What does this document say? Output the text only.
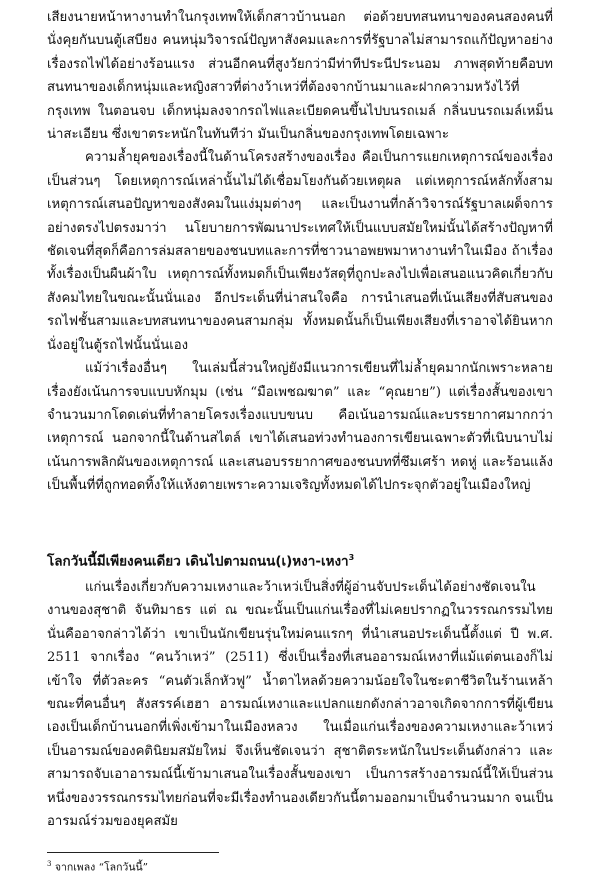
เสียงนายหน้าหางานทำในกรุงเทพให้เด็กสาวบ้านนอก ต่อด้วยบทสนทนาของคนสองคนที่นั่งคุยกันบนตู้เสบียง คนหนุ่มวิจารณ์ปัญหาสังคมและการที่รัฐบาลไม่สามารถแก้ปัญหาอย่างเรื่องรถไฟได้อย่างร้อนแรง ส่วนอีกคนที่สูงวัยกว่ามีท่าทีประนีประนอม ภาพสุดท้ายคือบทสนทนาของเด็กหนุ่มและหญิงสาวที่ต่างว้าเหว่ที่ต้องจากบ้านมาและฝากความหวังไว้ที่กรุงเทพ ในตอนจบ เด็กหนุ่มลงจากรถไฟและเบียดคนขึ้นไปบนรถเมล์ กลิ่นบนรถเมล์เหม็นน่าสะเอียน ซึ่งเขาตระหนักในทันทีว่า มันเป็นกลิ่นของกรุงเทพโดยเฉพาะ

ความล้ำยุคของเรื่องนี้ในด้านโครงสร้างของเรื่อง คือเป็นการแยกเหตุการณ์ของเรื่องเป็นส่วนๆ โดยเหตุการณ์เหล่านั้นไม่ได้เชื่อมโยงกันด้วยเหตุผล แต่เหตุการณ์หลักทั้งสามเหตุการณ์เสนอปัญหาของสังคมในแง่มุมต่างๆ และเป็นงานที่กล้าวิจารณ์รัฐบาลเผด็จการอย่างตรงไปตรงมาว่า นโยบายการพัฒนาประเทศให้เป็นแบบสมัยใหม่นั้นได้สร้างปัญหาที่ชัดเจนที่สุดก็คือการล่มสลายของชนบทและการที่ชาวนาอพยพมาหางานทำในเมือง ถ้าเรื่องทั้งเรื่องเป็นผืนผ้าใบ เหตุการณ์ทั้งหมดก็เป็นเพียงวัสดุที่ถูกปะลงไปเพื่อเสนอแนวคิดเกี่ยวกับสังคมไทยในขณะนั้นนั่นเอง อีกประเด็นที่น่าสนใจคือ การนำเสนอที่เน้นเสียงที่สับสนของรถไฟชั้นสามและบทสนทนาของคนสามกลุ่ม ทั้งหมดนั้นก็เป็นเพียงเสียงที่เราอาจได้ยินหากนั่งอยู่ในตู้รถไฟนั้นนั่นเอง

แม้ว่าเรื่องอื่นๆ ในเล่มนี้ส่วนใหญ่ยังมีแนวการเขียนที่ไม่ล้ำยุคมากนักเพราะหลายเรื่องยังเน้นการจบแบบหักมุม (เช่น “มือเพชฌฆาต” และ “คุณยาย”) แต่เรื่องสั้นของเขาจำนวนมากโดดเด่นที่ทำลายโครงเรื่องแบบขนบ คือเน้นอารมณ์และบรรยากาศมากกว่าเหตุการณ์ นอกจากนี้ในด้านสไตล์ เขาได้เสนอท่วงทำนองการเขียนเฉพาะตัวที่เนิบนาบไม่เน้นการพลิกผันของเหตุการณ์ และเสนอบรรยากาศของชนบทที่ซึมเศร้า หดหู่ และร้อนแล้ง เป็นพื้นที่ที่ถูกทอดทิ้งให้แห้งตายเพราะความเจริญทั้งหมดได้ไปกระจุกตัวอยู่ในเมืองใหญ่

โลกวันนี้มีเพียงคนเดียว เดินไปตามถนน(เ)หงา-เหงา$^3$

แก่นเรื่องเกี่ยวกับความเหงาและว้าเหว่เป็นสิ่งที่ผู้อ่านจับประเด็นได้อย่างชัดเจนในงานของสุชาติ จันทิมาธร แต่ ณ ขณะนั้นเป็นแก่นเรื่องที่ไม่เคยปรากฏในวรรณกรรมไทย นั่นคืออาจกล่าวได้ว่า เขาเป็นนักเขียนรุ่นใหม่คนแรกๆ ที่นำเสนอประเด็นนี้ตั้งแต่ ปี พ.ศ. 2511 จากเรื่อง “คนว้าเหว่” (2511) ซึ่งเป็นเรื่องที่เสนออารมณ์เหงาที่แม้แต่ตนเองก็ไม่เข้าใจ ที่ตัวละคร “คนตัวเล็กหัวฟู” น้ำตาไหลด้วยความน้อยใจในชะตาชีวิตในร้านเหล้า ขณะที่คนอื่นๆ สังสรรค์เฮฮา อารมณ์เหงาและแปลกแยกดังกล่าวอาจเกิดจากการที่ผู้เขียนเองเป็นเด็กบ้านนอกที่เพิ่งเข้ามาในเมืองหลวง ในเมื่อแก่นเรื่องของความเหงาและว้าเหว่เป็นอารมณ์ของคตินิยมสมัยใหม่ จึงเห็นชัดเจนว่า สุชาติตระหนักในประเด็นดังกล่าว และสามารถจับเอาอารมณ์นี้เข้ามาเสนอในเรื่องสั้นของเขา เป็นการสร้างอารมณ์นี้ให้เป็นส่วนหนึ่งของวรรณกรรมไทยก่อนที่จะมีเรื่องทำนองเดียวกันนี้ตามออกมาเป็นจำนวนมาก จนเป็นอารมณ์ร่วมของยุคสมัย

$^3$ จากเพลง “โลกวันนี้”
